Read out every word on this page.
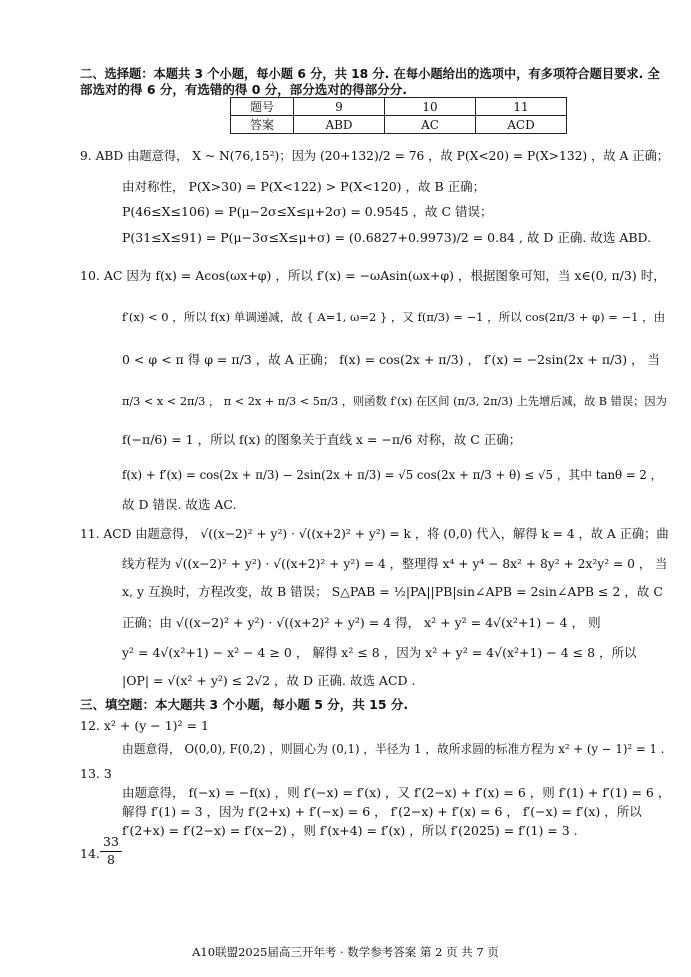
二、选择题：本题共 3 个小题，每小题 6 分，共 18 分. 在每小题给出的选项中，有多项符合题目要求. 全
部选对的得 6 分，有选错的得 0 分，部分选对的得部分分.
题号	9	10	11
答案	ABD	AC	ACD
9. ABD 由题意得， X ~ N(76,15²)；因为 (20+132)/2 = 76 ，故 P(X<20) = P(X>132) ，故 A 正确；
由对称性， P(X>30) = P(X<122) > P(X<120) ，故 B 正确；
P(46≤X≤106) = P(μ−2σ≤X≤μ+2σ) = 0.9545 ，故 C 错误；
P(31≤X≤91) = P(μ−3σ≤X≤μ+σ) = (0.6827+0.9973)/2 = 0.84 , 故 D 正确. 故选 ABD.
10. AC 因为 f(x) = Acos(ωx+φ) ，所以 f′(x) = −ωAsin(ωx+φ) ，根据图象可知，当 x∈(0, π/3) 时，
f′(x) < 0 ，所以 f(x) 单调递减，故 { A=1, ω=2 } ，又 f(π/3) = −1 ，所以 cos(2π/3 + φ) = −1 ，由
0 < φ < π 得 φ = π/3 ，故 A 正确； f(x) = cos(2x + π/3) ， f′(x) = −2sin(2x + π/3) ， 当
π/3 < x < 2π/3 ， π < 2x + π/3 < 5π/3 ，则函数 f′(x) 在区间 (π/3, 2π/3) 上先增后减，故 B 错误；因为
f(−π/6) = 1 ，所以 f(x) 的图象关于直线 x = −π/6 对称，故 C 正确；
f(x) + f′(x) = cos(2x + π/3) − 2sin(2x + π/3) = √5 cos(2x + π/3 + θ) ≤ √5 ，其中 tanθ = 2 ，
故 D 错误. 故选 AC.
11. ACD 由题意得， √((x−2)² + y²) · √((x+2)² + y²) = k ，将 (0,0) 代入，解得 k = 4 ，故 A 正确；曲
线方程为 √((x−2)² + y²) · √((x+2)² + y²) = 4 ，整理得 x⁴ + y⁴ − 8x² + 8y² + 2x²y² = 0 ， 当
x, y 互换时，方程改变，故 B 错误； S△PAB = ½|PA||PB|sin∠APB = 2sin∠APB ≤ 2 ，故 C
正确；由 √((x−2)² + y²) · √((x+2)² + y²) = 4 得， x² + y² = 4√(x²+1) − 4 ， 则
y² = 4√(x²+1) − x² − 4 ≥ 0 ， 解得 x² ≤ 8 ，因为 x² + y² = 4√(x²+1) − 4 ≤ 8 ，所以
|OP| = √(x² + y²) ≤ 2√2 ，故 D 正确. 故选 ACD .
三、填空题：本大题共 3 个小题，每小题 5 分，共 15 分.
12. x² + (y − 1)² = 1
由题意得， O(0,0), F(0,2) ，则圆心为 (0,1) ，半径为 1 ，故所求圆的标准方程为 x² + (y − 1)² = 1 .
13. 3
由题意得， f(−x) = −f(x) ，则 f′(−x) = f′(x) ，又 f′(2−x) + f′(x) = 6 ，则 f′(1) + f′(1) = 6 ，
解得 f′(1) = 3 ，因为 f′(2+x) + f′(−x) = 6 ， f′(2−x) + f′(x) = 6 ， f′(−x) = f′(x) ，所以
f′(2+x) = f′(2−x) = f′(x−2) ，则 f′(x+4) = f′(x) ，所以 f′(2025) = f′(1) = 3 .
14.
33
8
A10联盟2025届高三开年考 · 数学参考答案 第 2 页 共 7 页
